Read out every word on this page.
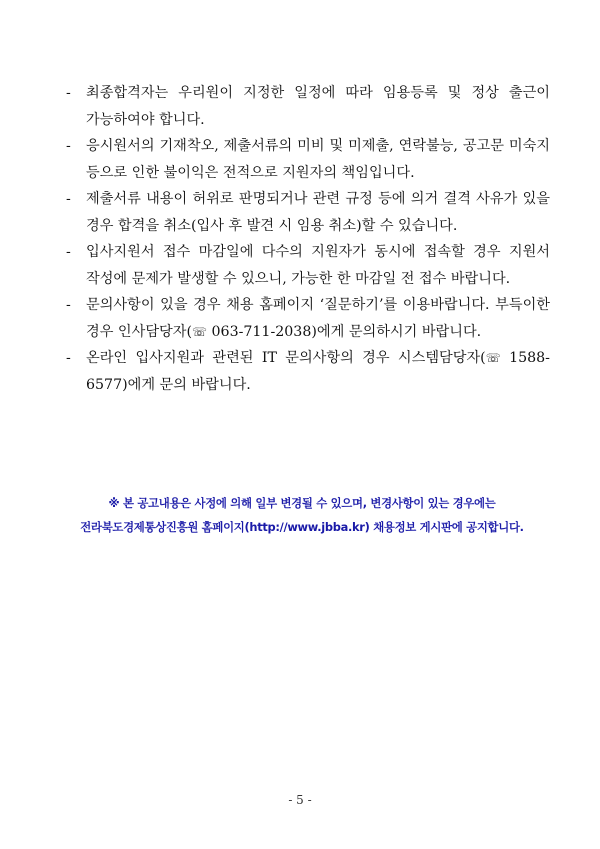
- 최종합격자는 우리원이 지정한 일정에 따라 임용등록 및 정상 출근이 가능하여야 합니다.
- 응시원서의 기재착오, 제출서류의 미비 및 미제출, 연락불능, 공고문 미숙지 등으로 인한 불이익은 전적으로 지원자의 책임입니다.
- 제출서류 내용이 허위로 판명되거나 관련 규정 등에 의거 결격 사유가 있을 경우 합격을 취소(입사 후 발견 시 임용 취소)할 수 있습니다.
- 입사지원서 접수 마감일에 다수의 지원자가 동시에 접속할 경우 지원서 작성에 문제가 발생할 수 있으니, 가능한 한 마감일 전 접수 바랍니다.
- 문의사항이 있을 경우 채용 홈페이지 ‘질문하기’를 이용바랍니다. 부득이한 경우 인사담당자(☏ 063-711-2038)에게 문의하시기 바랍니다.
- 온라인 입사지원과 관련된 IT 문의사항의 경우 시스템담당자(☏ 1588-6577)에게 문의 바랍니다.
※ 본 공고내용은 사정에 의해 일부 변경될 수 있으며, 변경사항이 있는 경우에는
전라북도경제통상진흥원 홈페이지(http://www.jbba.kr) 채용정보 게시판에 공지합니다.
- 5 -
